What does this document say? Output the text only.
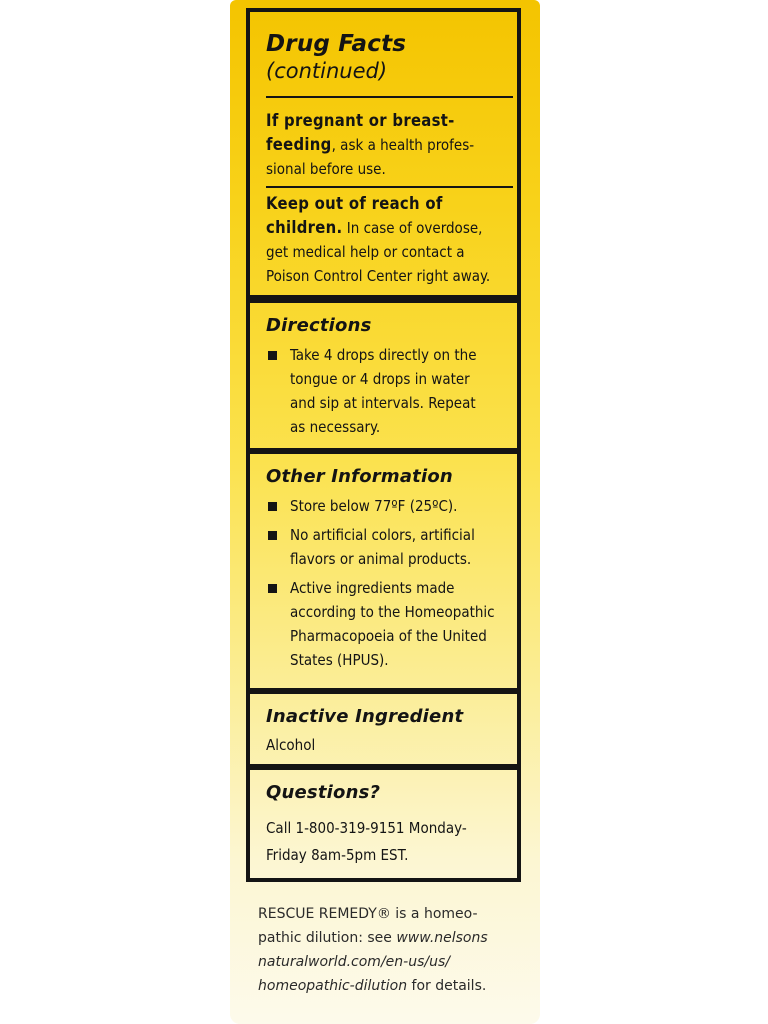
Drug Facts
(continued)
If pregnant or breast-
feeding, ask a health profes-
sional before use.
Keep out of reach of
children. In case of overdose,
get medical help or contact a
Poison Control Center right away.
Directions
Take 4 drops directly on the
tongue or 4 drops in water
and sip at intervals. Repeat
as necessary.
Other Information
Store below 77ºF (25ºC).
No artificial colors, artificial
flavors or animal products.
Active ingredients made
according to the Homeopathic
Pharmacopoeia of the United
States (HPUS).
Inactive Ingredient
Alcohol
Questions?
Call 1-800-319-9151 Monday-
Friday 8am-5pm EST.
RESCUE REMEDY® is a homeo-
pathic dilution: see www.nelsons
naturalworld.com/en-us/us/
homeopathic-dilution for details.
